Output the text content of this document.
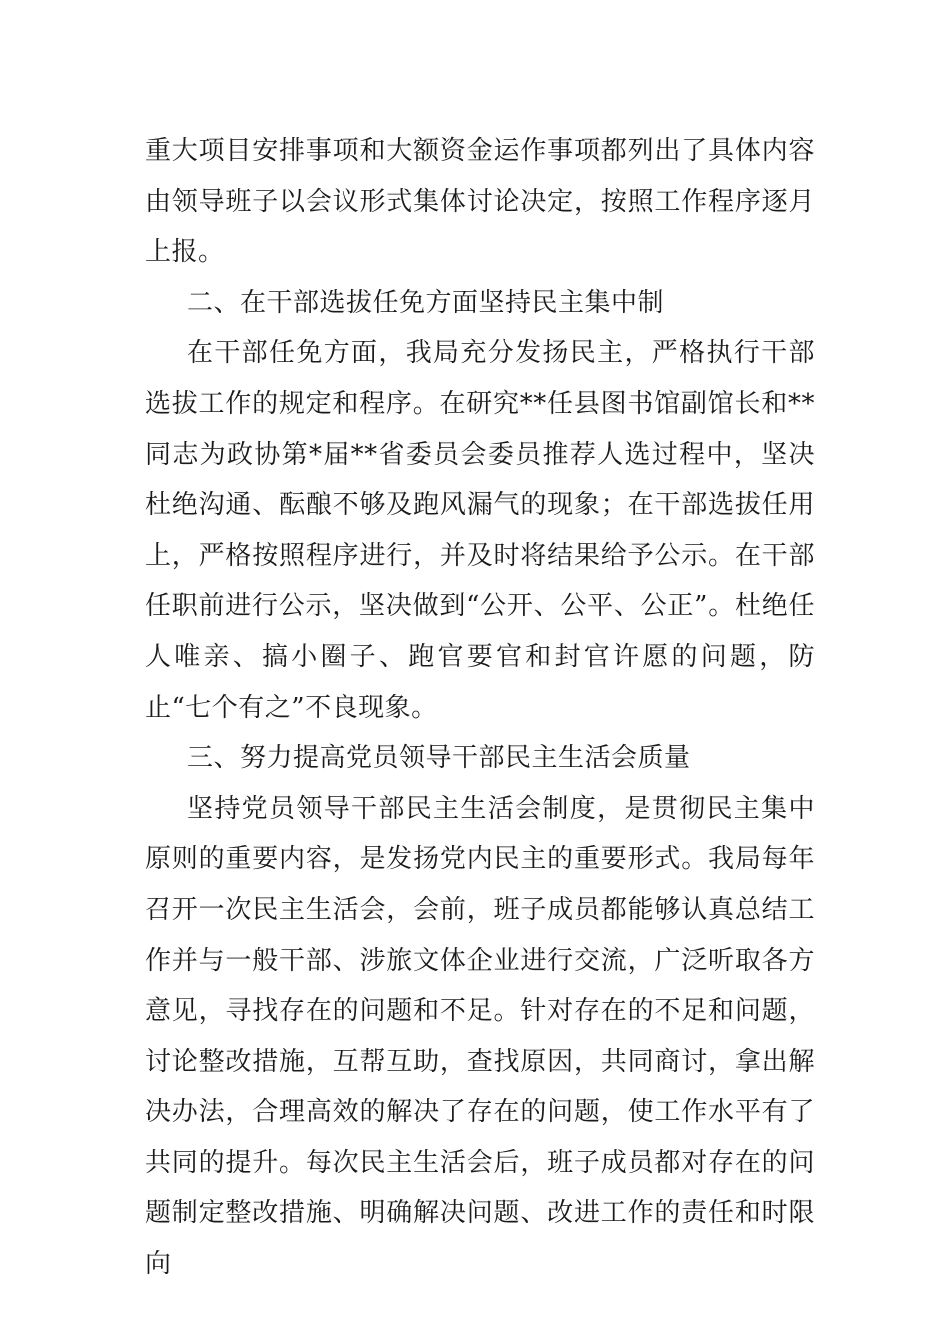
重大项目安排事项和大额资金运作事项都列出了具体内容由领导班子以会议形式集体讨论决定，按照工作程序逐月上报。

二、在干部选拔任免方面坚持民主集中制

在干部任免方面，我局充分发扬民主，严格执行干部选拔工作的规定和程序。在研究**任县图书馆副馆长和**同志为政协第*届**省委员会委员推荐人选过程中，坚决杜绝沟通、酝酿不够及跑风漏气的现象；在干部选拔任用上，严格按照程序进行，并及时将结果给予公示。在干部任职前进行公示，坚决做到“公开、公平、公正”。杜绝任人唯亲、搞小圈子、跑官要官和封官许愿的问题，防止“七个有之”不良现象。

三、努力提高党员领导干部民主生活会质量

坚持党员领导干部民主生活会制度，是贯彻民主集中原则的重要内容，是发扬党内民主的重要形式。我局每年召开一次民主生活会，会前，班子成员都能够认真总结工作并与一般干部、涉旅文体企业进行交流，广泛听取各方意见，寻找存在的问题和不足。针对存在的不足和问题，讨论整改措施，互帮互助，查找原因，共同商讨，拿出解决办法，合理高效的解决了存在的问题，使工作水平有了共同的提升。每次民主生活会后，班子成员都对存在的问题制定整改措施、明确解决问题、改进工作的责任和时限向
